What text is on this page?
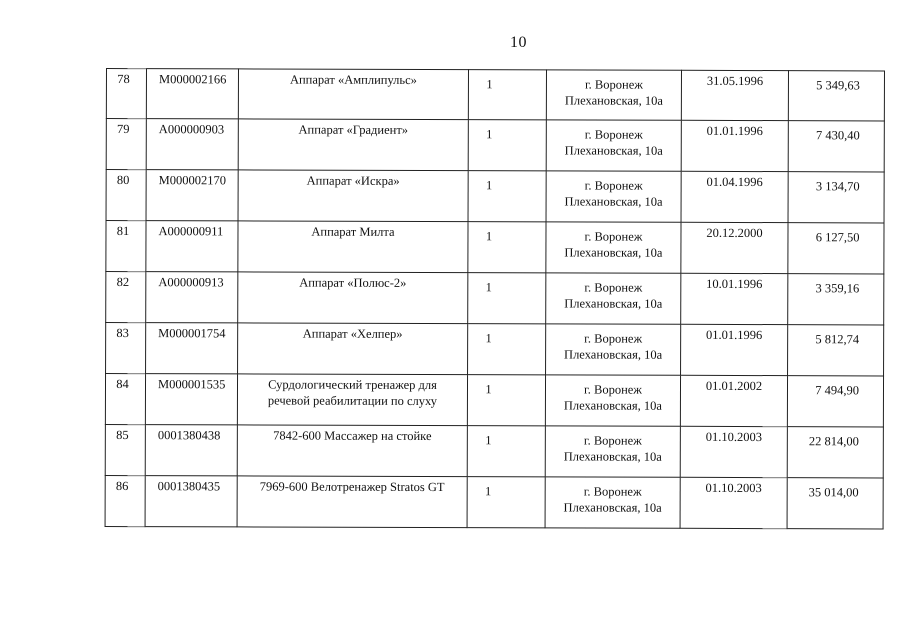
10
78	М000002166	Аппарат «Амплипульс»	1	г. Воронеж
Плехановская, 10а	31.05.1996	5 349,63

79	А000000903	Аппарат «Градиент»	1	г. Воронеж
Плехановская, 10а	01.01.1996	7 430,40

80	М000002170	Аппарат «Искра»	1	г. Воронеж
Плехановская, 10а	01.04.1996	3 134,70

81	А000000911	Аппарат Милта	1	г. Воронеж
Плехановская, 10а	20.12.2000	6 127,50

82	А000000913	Аппарат «Полюс-2»	1	г. Воронеж
Плехановская, 10а	10.01.1996	3 359,16

83	М000001754	Аппарат «Хелпер»	1	г. Воронеж
Плехановская, 10а	01.01.1996	5 812,74

84	М000001535	Сурдологический тренажер для
речевой реабилитации по слуху	1	г. Воронеж
Плехановская, 10а	01.01.2002	7 494,90

85	0001380438	7842-600 Массажер на стойке	1	г. Воронеж
Плехановская, 10а	01.10.2003	22 814,00

86	0001380435	7969-600 Велотренажер Stratos GT	1	г. Воронеж
Плехановская, 10а	01.10.2003	35 014,00
